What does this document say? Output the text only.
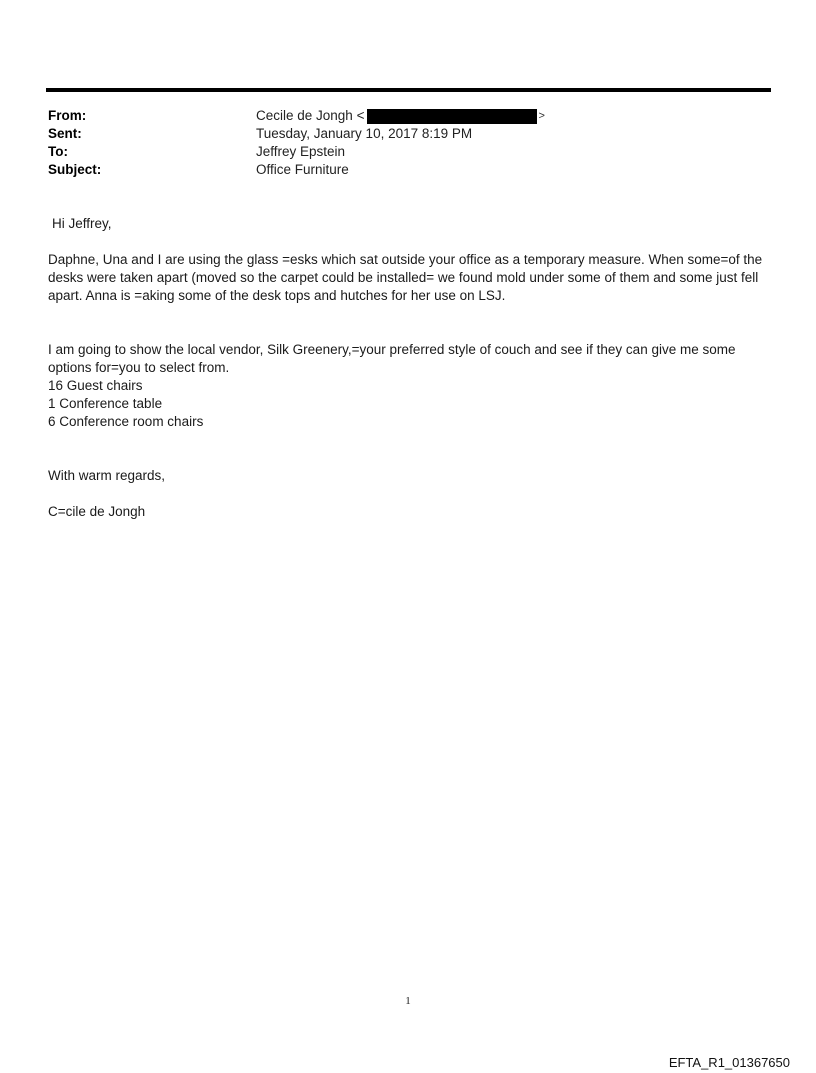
From:	Cecile de Jongh <	>
Sent:	Tuesday, January 10, 2017 8:19 PM
To:	Jeffrey Epstein
Subject:	Office Furniture

Hi Jeffrey,

Daphne, Una and I are using the glass =esks which sat outside your office as a temporary measure. When some=of the desks were taken apart (moved so the carpet could be installed= we found mold under some of them and some just fell apart. Anna is =aking some of the desk tops and hutches for her use on LSJ.

I am going to show the local vendor, Silk Greenery,=your preferred style of couch and see if they can give me some options for=you to select from.

16 Guest chairs

1 Conference table

6 Conference room chairs

With warm regards,

C=cile de Jongh

1
EFTA_R1_01367650
